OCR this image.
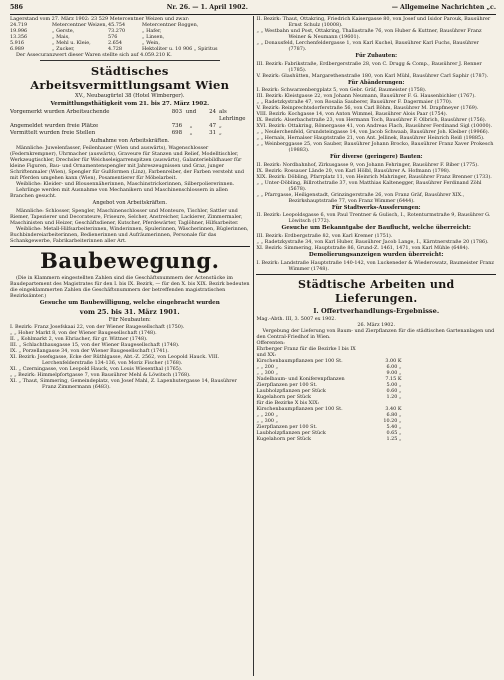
586	Nr. 26. — 1. April 1902.	— Allgemeine Nachrichten „c.

Lagerstand vom 27. März 1902: 23 529 Metercentner Weizen und zwar:

24.719	Metercentner Weizen, 45.754	Metercentner Roggen,
19.996	„ Gerste,	73.270	„ Hafer,
13.356	„ Mais,	576	„ Linsen,
5.916	„ Mehl u. Kleie,	2.654	„ Wein,
6.989	„ Zucker,	4.728	Hektoliter u. 10 906 „ Spiritus

Der Assecuranzwert dieser Waren stellte sich auf 4.059.210 K.

Städtisches Arbeitsvermittlungsamt Wien
XV., Neubaugürtel 38 (Hotel Wimberger).
Vermittlungsthätigkeit vom 21. bis 27. März 1902.
Vorgemerkt wurden Arbeitsuchende	803 und	24 als Lehrlinge
Angemeldet wurden freie Plätze	736	„	47 „
Vermittelt wurden freie Stellen	698	„	31 „
Aufnahme von Arbeitskräften.

Männliche: Juwelenfasser, Feilenhauer (Wien und auswärts), Wagenschlosser (Federnkrempner), Uhrmacher (auswärts), Graveure für Stanzen und Relief, Modelltischler, Werkzeugtischler, Drechsler für Weichseleigarrenspitzen (auswärts), Galanteriebildhauer für kleine Figuren, Bau- und Ornamentenspengler mit Jahreszeugnissen und Graz, junger Schriftenmaler (Wien), Spengler für Gußformen (Linz), Farbenreiber, der Farben versteht und mit Pferden umgehen kann (Wien), Posamentierer für Möbelarbeit.

Weibliche: Kleider- und Blousennäherinnen, Maschinstrickerinnen, Silberpoliererinnen.

Lehrlinge werden mit Ausnahme von Mechanikern und Maschinenschlossern in allen Branchen gesucht.

Angebot von Arbeitskräften.

Männliche: Schlosser, Spengler, Maschinenschlosser und Monteure, Tischler, Sattler und Riemer, Tapezierer und Decorateure, Friseure, Selcher, Anstreicher, Lackierer, Zimmermaler, Maschinisten und Heizer, Geschäftsdiener, Kutscher, Pferdewärter, Taglöhner, Hilfsarbeiter.

Weibliche: Metall-Hilfsarbeiterinnen, Winderinnen, Spulerinnen, Wäscherinnen, Büglerinnen, Buchbindereiarbeiterinnen, Bedienerinnen und Aufräumerinnen, Personale für das Schankgewerbe, Fabrikarbeiterinnen aller Art.

Baubewegung.

(Die in Klammern eingestellten Zahlen sind die Geschäftsnummern der Actenstücke im Baudepartement des Magistrates für den I. bis IX. Bezirk, — für den X. bis XIX. Bezirk bedeuten die eingeklammerten Zahlen die Geschäftsnummern der betreffenden magistratischen Bezirksämter.)

Gesuche um Baubewilligung, welche eingebracht wurden
vom 25. bis 31. März 1901.
Für Neubauten:

I. Bezirk: Franz Josefskaai 22, von der Wiener Baugesellschaft (1750).

„ „ Hoher Markt 8, von der Wiener Baugesellschaft (1748).

II. „ Kohlmarkt 2, von Ehriacher, für gr. Wittner (1748).

III. „ Schlachthausgasse 15, von der Wiener Baugesellschaft (1748).

IX. „ Porzellangasse 34, von der Wiener Baugesellschaft (1741).

XI. Bezirk: Josefsgasse, Ecke der Rüthlgasse, Abt.-Z. 2562, von Leopold Hauck. VIII. Lerchenfelderstraße 134-136, von Moriz Fischer (1768).

XI. „ Czerningasse, von Leopold Hauck, von Louis Wiesenthal (1765).

„ „ Bezirk: Himmelpfortgasse 7, von Bausührer Mehl & Löwitsch (1768).

XI. „ Thaut, Simmering, Gemeindeplatz, von Josef Mahl, Z. Lapenhutergasse 14, Bausührer Franz Zimmermann (6483).

II. Bezirk: Thaut, Ottakring, Friedrich Kaisergasse 80, von Josef und Isidor Parouk, Bausührer Ernst Schulz (10008).

„ „ Westbahn und Post, Ottakring, Thaliastraße 76, von Huber & Kuttner, Bausührer Franz Weiner & Neumann (19601).

„ „ Donausfeld, Lerchenfeldergasse 1, von Karl Kuchel, Bausührer Karl Fuchs, Bausührer (7787).

Für Zubauten:

III. Bezirk: Fabrikstraße, Erdbergerstraße 28, von C. Drugg & Comp., Bausührer J. Renner (1785).

V. Bezirk: Glashütten, Margarethenstraße 180, von Karl Mühl, Bausührer Carl Saphir (1787).

Für Abänderungen:

I. Bezirk: Schwarzenbergplatz 5, von Gebr. Gräf, Baumeister (1758).

III. Bezirk: Kleistgasse 22, von Johann Neumann, Bausührer F. G. Hausenbichler (1767).

„ „ Radetzkystraße 47, von Rosalia Sauberer, Bausührer F. Dagermaier (1770).

V. Bezirk: Reinprechtsdorferstraße 56, von Carl Böhm, Bausührer M. Drapfmeyer (1769).

VIII. Bezirk: Kochgasse 14, von Anton Wimmel, Bausührer Alois Paar (1754).

IX. Bezirk: Alserbachstraße 23, von Hermann Toch, Bausührer F. Olbrich, Bausührer (1756).

XVI. Bezirk: Ottakring, Römergasse 41, von Andreas Flach, Bausührer Ferdinand Sigl (10000).

„ „ Neulerchenfeld, Grundsteingasse 14, von Jacob Schwaab, Bausührer Joh. Kleiber (19966).

„ „ Hernals, Hernalser Hauptstraße 21, von Ant. Jellinek, Bausührer Heinrich Reiß (19885).

„ „ Weinberggasse 25, von Sauber, Bausührer Johann Brocko, Bausührer Franz Xaver Prokesch (19883).

Für diverse (geringere) Bauten:

II. Bezirk: Nordbahnhof, Zirkusgasse 9, von Johann Fehringer, Bausührer F. Biber (1775).

IX. Bezirk: Rossauer Lände 20, von Karl Hölbl, Bausührer A. Hofmann (1798).

XIX. Bezirk: Döbling, Pfarrplatz 11, von Heinrich Mahringer, Bausührer Franz Brenner (1733).

„ „ Unter-Döbling, Billrothstraße 37, von Matthias Kaltenegger, Bausührer Ferdinand Zöhl (5678).

„ „ Pfarrgasse, Heiligenstadt, Grinzingerstraße 26, von Franz Gräf, Bausührer XIX., Bezirkshauptstraße 77, von Franz Wimmer (6444).

Für Stadtwerks-Aussferungen:

II. Bezirk: Leopoldsgasse 6, von Paul Trentner & Gulisch, I., Rotenturmstraße 9, Bausührer G. Löwitsch (1772).

Gesuche um Bekanntgabe der Bauflucht, welche überreicht:

III. Bezirk: Erdbergstraße 82, von Karl Kremer (1751).

„ „ Radetzkystraße 34, von Karl Huber, Bausührer Jacob Lange, I., Kärntnerstraße 20 (1786).

XI. Bezirk: Simmering, Hauptstraße 86, Grund-Z. 1461, 1471, von Karl Mühle (6484).

Demolierungsanzeigen wurden überreicht:

I. Bezirk: Landstraße Hauptstraße 140-142, von Luckeneder & Wiederowatz, Baumeister Franz Wimmer (1748).

Städtische Arbeiten und Lieferungen.
I. Offertverhandlungs-Ergebnisse.

Mag.-Abth. III, 3. 5007 ex 1902.

26. März 1902.

Vergebung der Lieferung von Baum- und Zierpflanzen für die städtischen Gartenanlagen und den Central-Friedhof in Wien.

Offerenten:

Ehrberger Franz für die Bezirke I bis IX und XX:
Kirschenbaumpflanzen per 100 St.	3.00 K
„ „ 200 „	6.00 „
„ „ 300 „	9.00 „
Nadelbaum- und Koniferenpflanzen	7.15 K
Zierpflanzen per 100 St.	5.00 „
Laubholzpflanzen per Stück	0.60 „
Kugelahorn per Stück	1.20 „
für die Bezirke X bis XIX:
Kirschenbaumpflanzen per 100 St.	3.40 K
„ „ 200 „	6.80 „
„ „ 300 „	10.20 „
Zierpflanzen per 100 St.	5.40 „
Laubholzpflanzen per Stück	0.65 „
Kugelahorn per Stück	1.25 „
